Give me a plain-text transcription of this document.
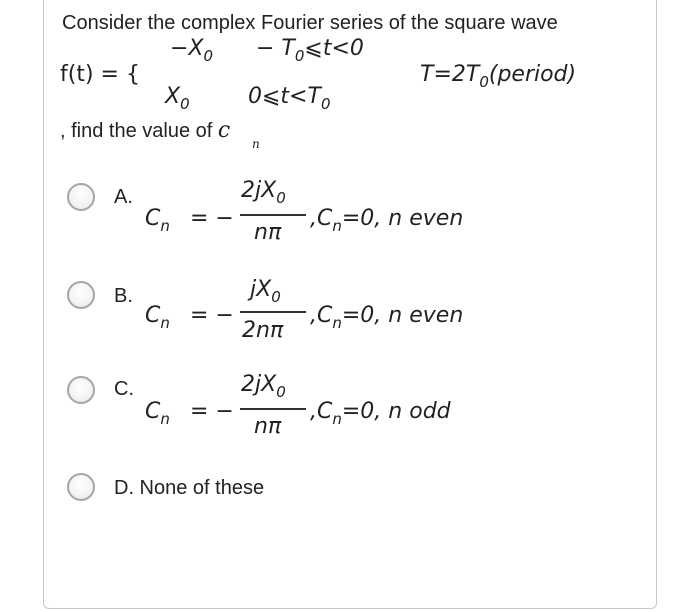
Consider the complex Fourier series of the square wave
f(t) = {
$-X_0$ − $T_0⩽t<0$
$X_0$	$0⩽t<T_0$
$T=2T_0(period)$
, find the value of c
n
A.
$C_n$ = −
$2jX_0$
nπ
$,C_n=0$, n even
B.
$C_n$ = −
$jX_0$
2nπ
$,C_n=0$, n even
C.
$C_n$ = −
$2jX_0$
nπ
$,C_n=0$, n odd
D. None of these
